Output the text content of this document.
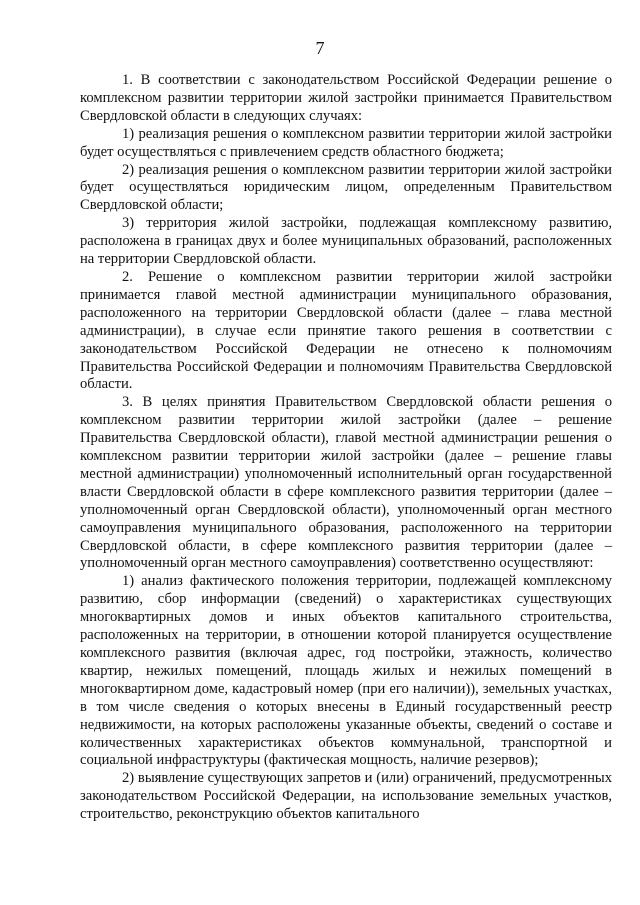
7

1. В соответствии с законодательством Российской Федерации решение о комплексном развитии территории жилой застройки принимается Правительством Свердловской области в следующих случаях:

1) реализация решения о комплексном развитии территории жилой застройки будет осуществляться с привлечением средств областного бюджета;

2) реализация решения о комплексном развитии территории жилой застройки будет осуществляться юридическим лицом, определенным Правительством Свердловской области;

3) территория жилой застройки, подлежащая комплексному развитию, расположена в границах двух и более муниципальных образований, расположенных на территории Свердловской области.

2. Решение о комплексном развитии территории жилой застройки принимается главой местной администрации муниципального образования, расположенного на территории Свердловской области (далее – глава местной администрации), в случае если принятие такого решения в соответствии с законодательством Российской Федерации не отнесено к полномочиям Правительства Российской Федерации и полномочиям Правительства Свердловской области.

3. В целях принятия Правительством Свердловской области решения о комплексном развитии территории жилой застройки (далее – решение Правительства Свердловской области), главой местной администрации решения о комплексном развитии территории жилой застройки (далее – решение главы местной администрации) уполномоченный исполнительный орган государственной власти Свердловской области в сфере комплексного развития территории (далее – уполномоченный орган Свердловской области), уполномоченный орган местного самоуправления муниципального образования, расположенного на территории Свердловской области, в сфере комплексного развития территории (далее – уполномоченный орган местного самоуправления) соответственно осуществляют:

1) анализ фактического положения территории, подлежащей комплексному развитию, сбор информации (сведений) о характеристиках существующих многоквартирных домов и иных объектов капитального строительства, расположенных на территории, в отношении которой планируется осуществление комплексного развития (включая адрес, год постройки, этажность, количество квартир, нежилых помещений, площадь жилых и нежилых помещений в многоквартирном доме, кадастровый номер (при его наличии)), земельных участках, в том числе сведения о которых внесены в Единый государственный реестр недвижимости, на которых расположены указанные объекты, сведений о составе и количественных характеристиках объектов коммунальной, транспортной и социальной инфраструктуры (фактическая мощность, наличие резервов);

2) выявление существующих запретов и (или) ограничений, предусмотренных законодательством Российской Федерации, на использование земельных участков, строительство, реконструкцию объектов капитального
